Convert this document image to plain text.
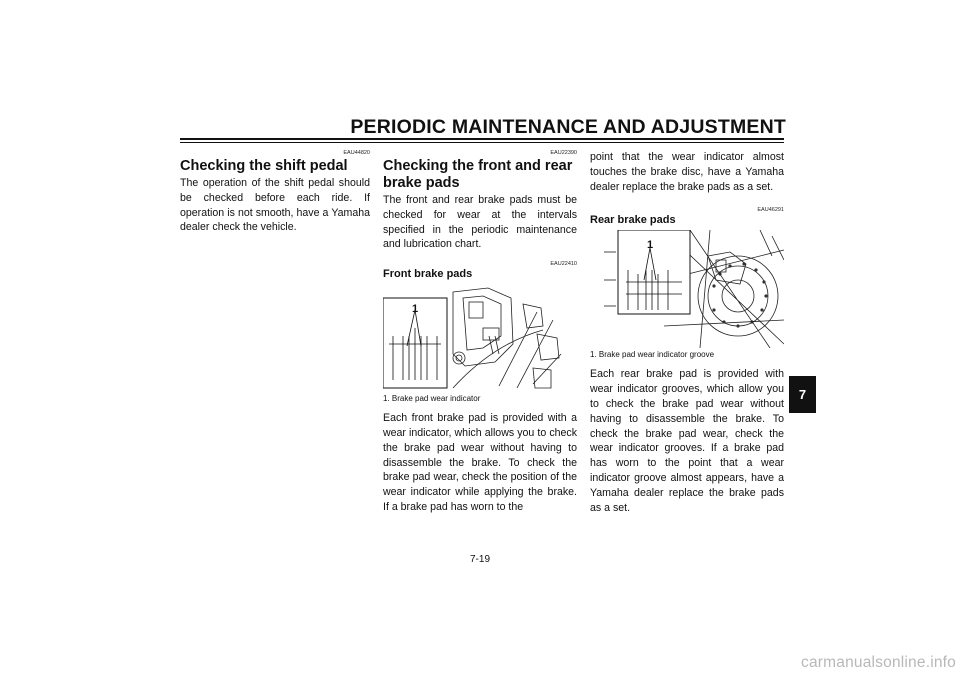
PERIODIC MAINTENANCE AND ADJUSTMENT
EAU44820
Checking the shift pedal
The operation of the shift pedal should be checked before each ride. If operation is not smooth, have a Yamaha dealer check the vehicle.
EAU22390
Checking the front and rear brake pads
The front and rear brake pads must be checked for wear at the intervals specified in the periodic maintenance and lubrication chart.
EAU22410
Front brake pads
1
1. Brake pad wear indicator
Each front brake pad is provided with a wear indicator, which allows you to check the brake pad wear without having to disassemble the brake. To check the brake pad wear, check the position of the wear indicator while applying the brake. If a brake pad has worn to the
point that the wear indicator almost touches the brake disc, have a Yamaha dealer replace the brake pads as a set.
EAU46291
Rear brake pads
1
1. Brake pad wear indicator groove
Each rear brake pad is provided with wear indicator grooves, which allow you to check the brake pad wear without having to disassemble the brake. To check the brake pad wear, check the wear indicator grooves. If a brake pad has worn to the point that a wear indicator groove almost appears, have a Yamaha dealer replace the brake pads as a set.
7
7-19
carmanualsonline.info
